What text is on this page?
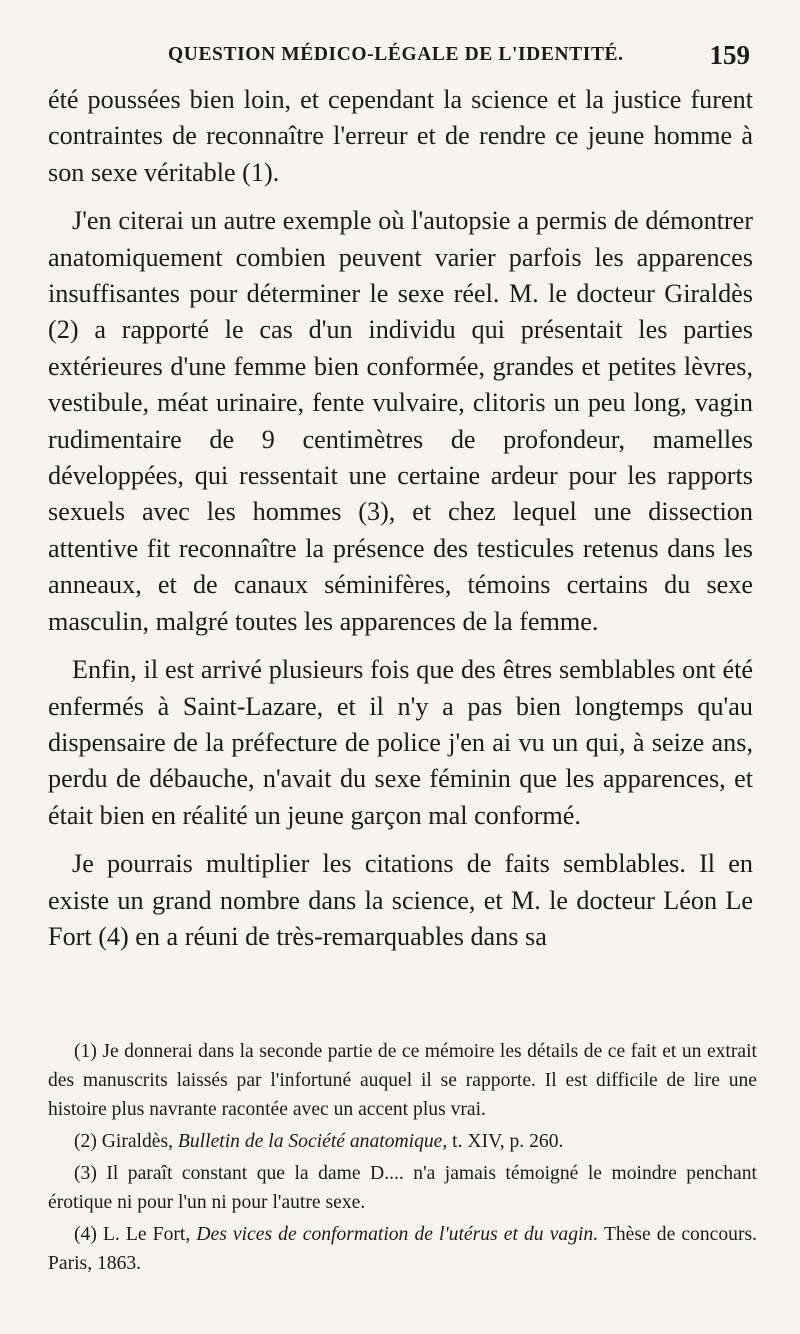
QUESTION MÉDICO-LÉGALE DE L'IDENTITÉ.	159

été poussées bien loin, et cependant la science et la justice furent contraintes de reconnaître l'erreur et de rendre ce jeune homme à son sexe véritable (1).

J'en citerai un autre exemple où l'autopsie a permis de démontrer anatomiquement combien peuvent varier parfois les apparences insuffisantes pour déterminer le sexe réel. M. le docteur Giraldès (2) a rapporté le cas d'un individu qui présentait les parties extérieures d'une femme bien conformée, grandes et petites lèvres, vestibule, méat urinaire, fente vulvaire, clitoris un peu long, vagin rudimentaire de 9 centimètres de profondeur, mamelles développées, qui ressentait une certaine ardeur pour les rapports sexuels avec les hommes (3), et chez lequel une dissection attentive fit reconnaître la présence des testicules retenus dans les anneaux, et de canaux séminifères, témoins certains du sexe masculin, malgré toutes les apparences de la femme.

Enfin, il est arrivé plusieurs fois que des êtres semblables ont été enfermés à Saint-Lazare, et il n'y a pas bien longtemps qu'au dispensaire de la préfecture de police j'en ai vu un qui, à seize ans, perdu de débauche, n'avait du sexe féminin que les apparences, et était bien en réalité un jeune garçon mal conformé.

Je pourrais multiplier les citations de faits semblables. Il en existe un grand nombre dans la science, et M. le docteur Léon Le Fort (4) en a réuni de très-remarquables dans sa

(1) Je donnerai dans la seconde partie de ce mémoire les détails de ce fait et un extrait des manuscrits laissés par l'infortuné auquel il se rapporte. Il est difficile de lire une histoire plus navrante racontée avec un accent plus vrai.

(2) Giraldès, Bulletin de la Société anatomique, t. XIV, p. 260.

(3) Il paraît constant que la dame D.... n'a jamais témoigné le moindre penchant érotique ni pour l'un ni pour l'autre sexe.

(4) L. Le Fort, Des vices de conformation de l'utérus et du vagin. Thèse de concours. Paris, 1863.
